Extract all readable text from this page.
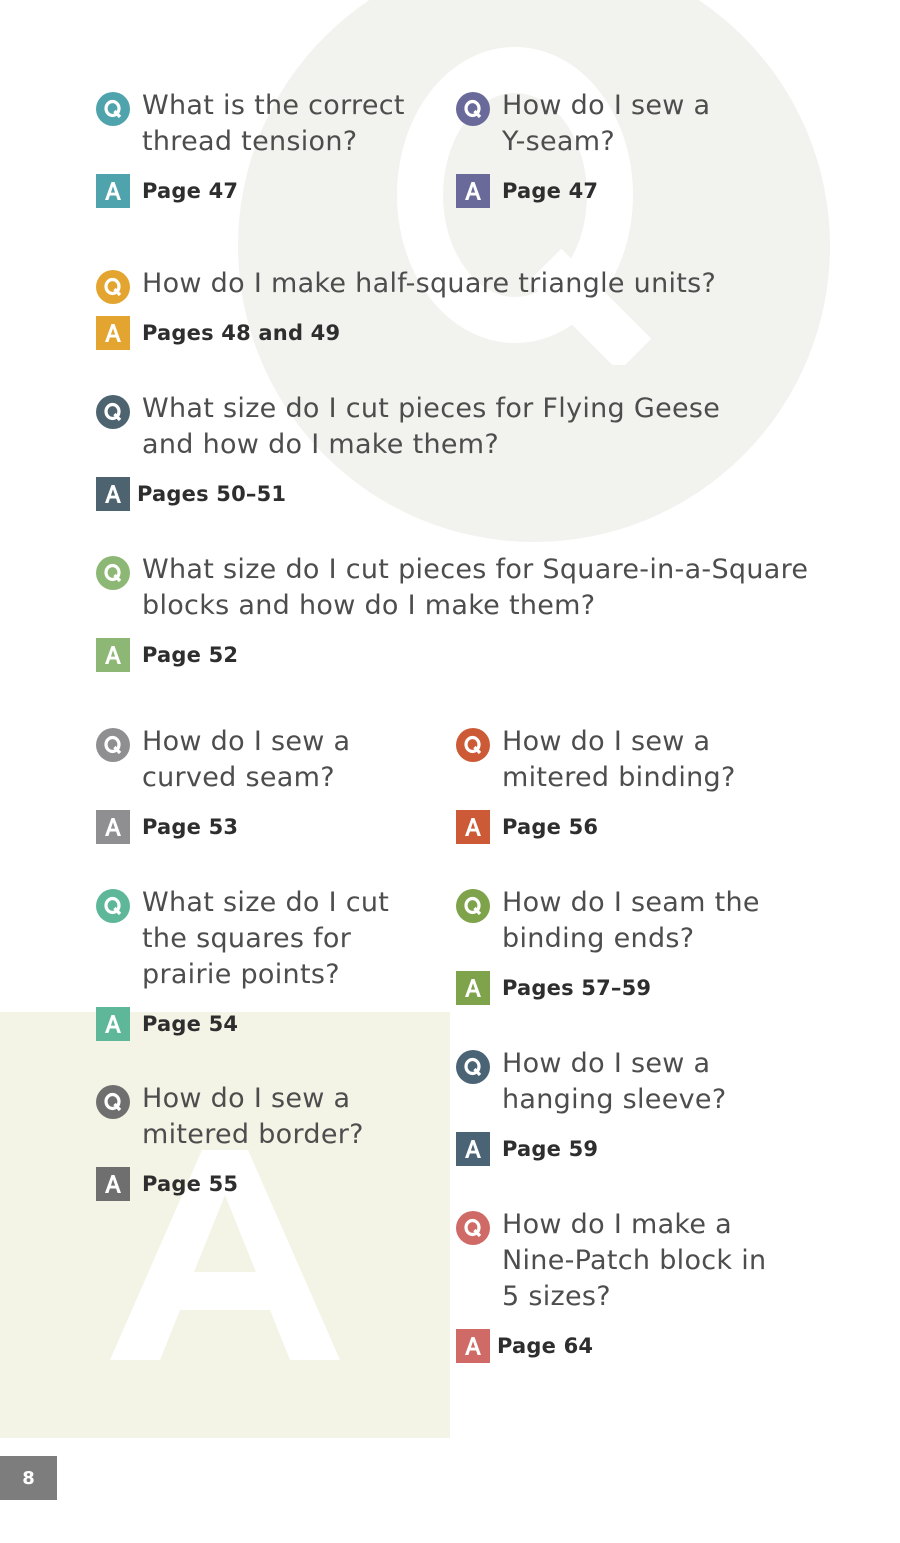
What is the correct
thread tension?
Page 47
How do I sew a
Y-seam?
Page 47
How do I make half-square triangle units?
Pages 48 and 49
What size do I cut pieces for Flying Geese
and how do I make them?
Pages 50–51
What size do I cut pieces for Square-in-a-Square
blocks and how do I make them?
Page 52
How do I sew a
curved seam?
Page 53
How do I sew a
mitered binding?
Page 56
What size do I cut
the squares for
prairie points?
Page 54
How do I seam the
binding ends?
Pages 57–59
How do I sew a
mitered border?
Page 55
How do I sew a
hanging sleeve?
Page 59
How do I make a
Nine-Patch block in
5 sizes?
Page 64
8
